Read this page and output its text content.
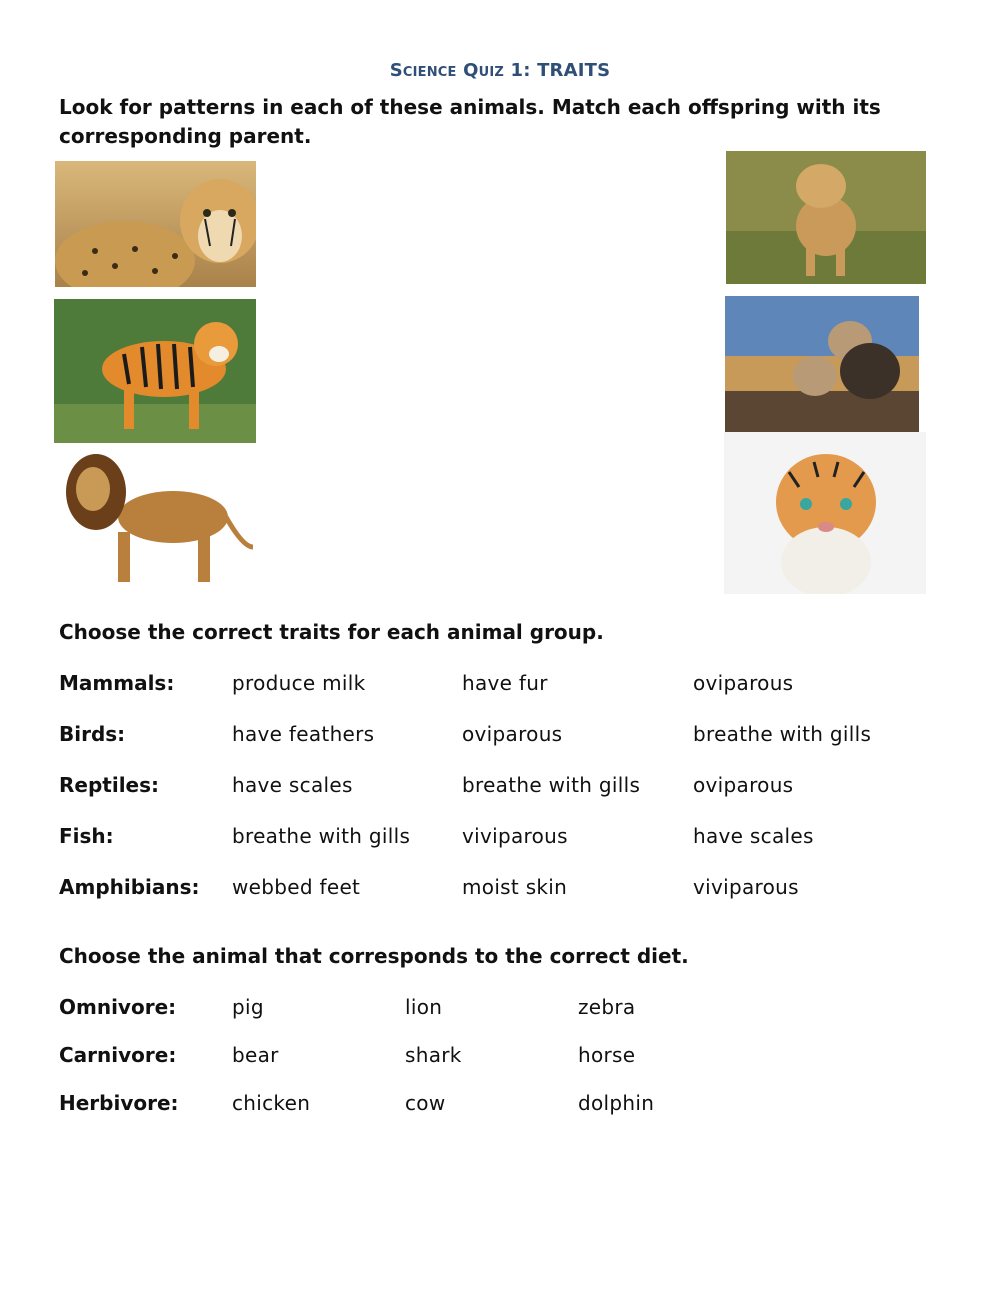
Science Quiz 1: TRAITS
Look for patterns in each of these animals. Match each offspring with its corresponding parent.
Choose the correct traits for each animal group.
Mammals:	produce milk	have fur	oviparous
Birds:	have feathers	oviparous	breathe with gills
Reptiles:	have scales	breathe with gills	oviparous
Fish:	breathe with gills	viviparous	have scales
Amphibians: webbed feet	moist skin	viviparous
Choose the animal that corresponds to the correct diet.
Omnivore:	pig	lion	zebra
Carnivore:	bear	shark	horse
Herbivore:	chicken	cow	dolphin
